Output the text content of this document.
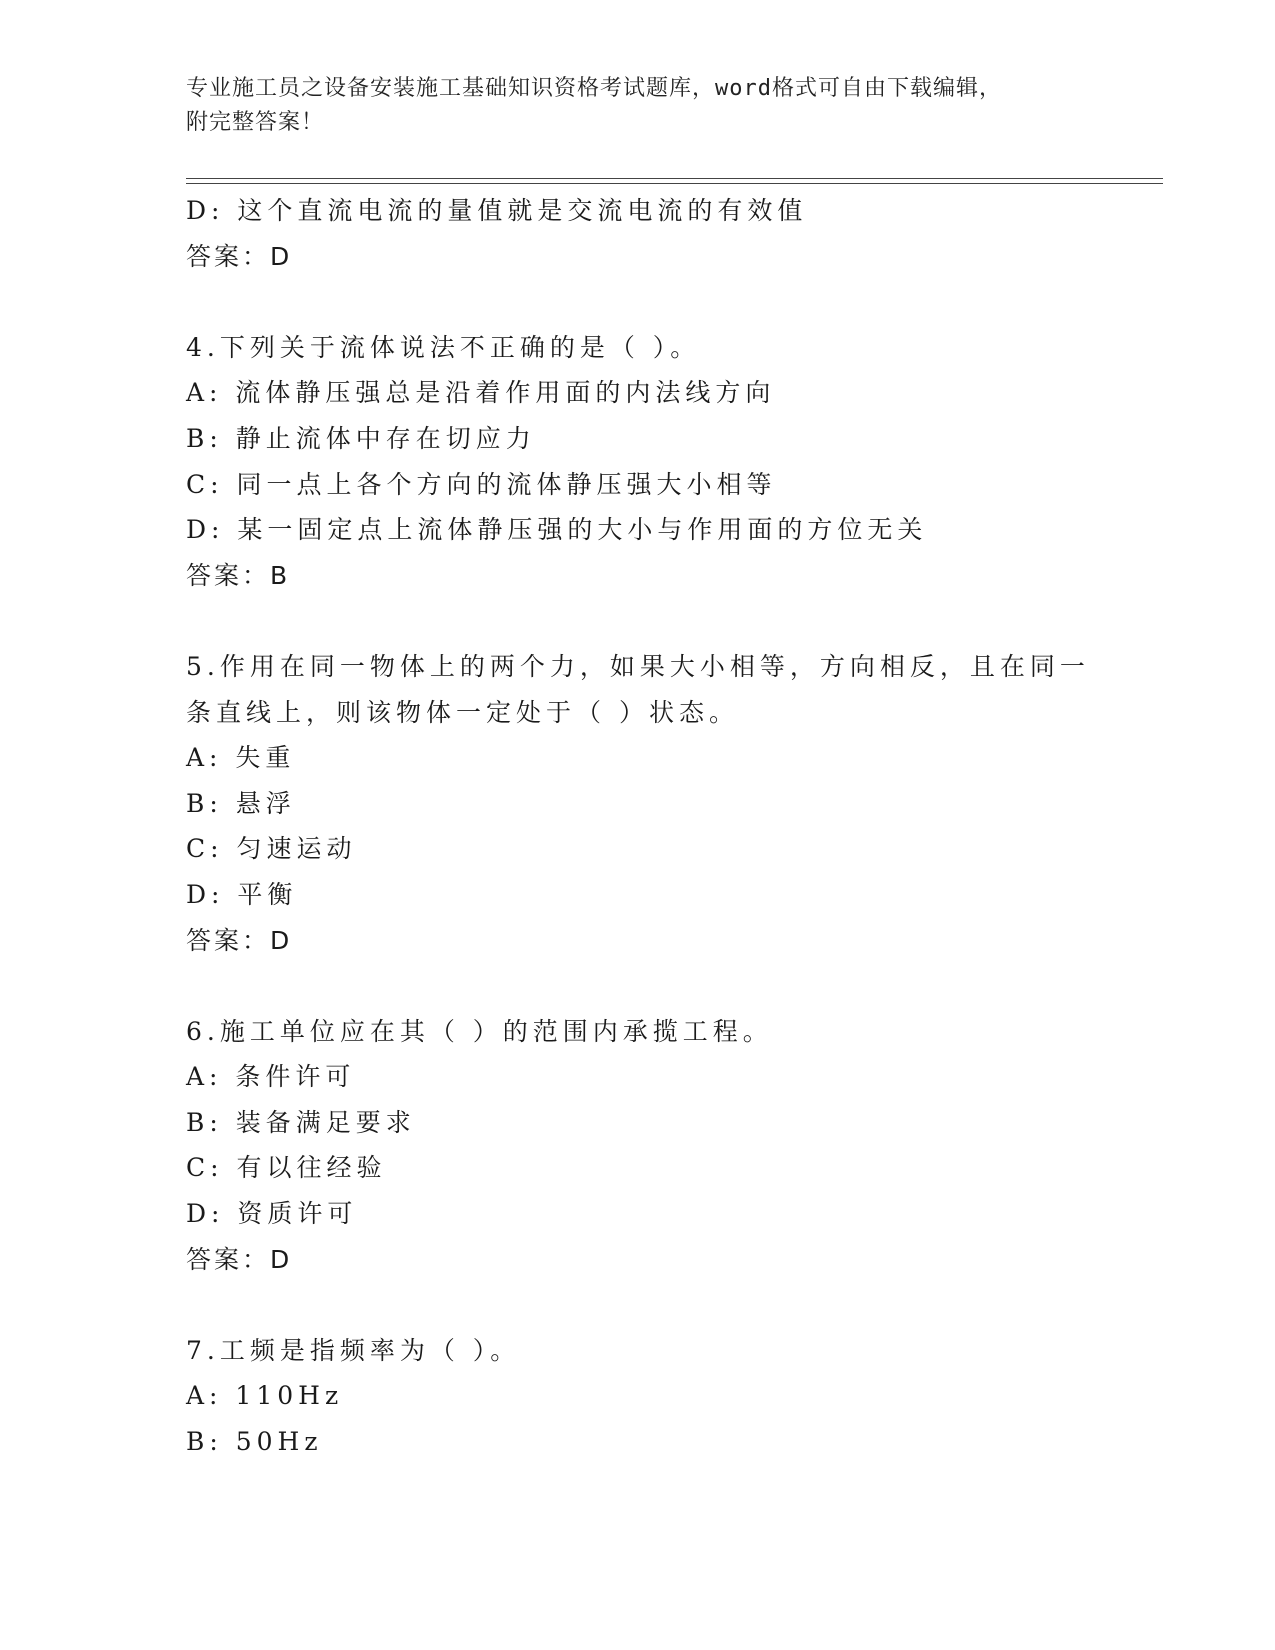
专业施工员之设备安装施工基础知识资格考试题库，word格式可自由下载编辑，
附完整答案！
D: 这个直流电流的量值就是交流电流的有效值
答案：D
4.下列关于流体说法不正确的是（ ）。
A: 流体静压强总是沿着作用面的内法线方向
B: 静止流体中存在切应力
C: 同一点上各个方向的流体静压强大小相等
D: 某一固定点上流体静压强的大小与作用面的方位无关
答案：B
5.作用在同一物体上的两个力，如果大小相等，方向相反，且在同一
条直线上，则该物体一定处于（ ）状态。
A: 失重
B: 悬浮
C: 匀速运动
D: 平衡
答案：D
6.施工单位应在其（ ）的范围内承揽工程。
A: 条件许可
B: 装备满足要求
C: 有以往经验
D: 资质许可
答案：D
7.工频是指频率为（ ）。
A: 110Hz
B: 50Hz
